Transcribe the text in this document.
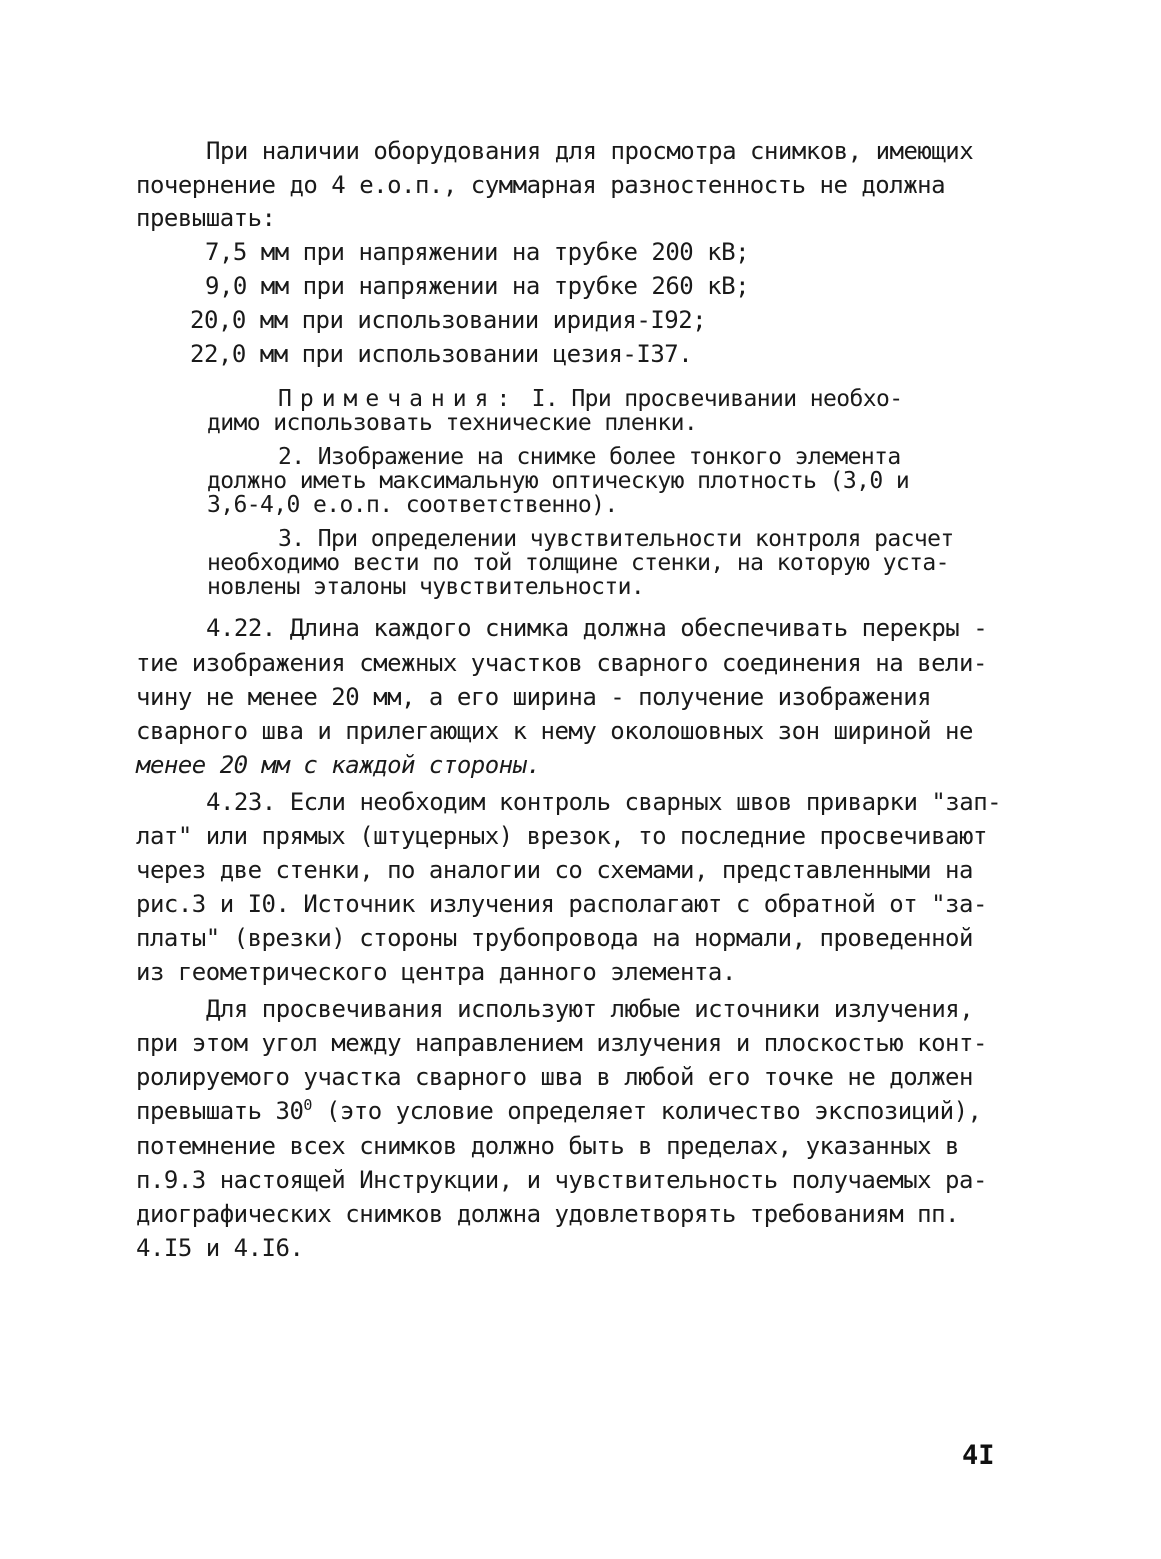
При наличии оборудования для просмотра снимков, имеющих
почернение до 4 е.о.п., суммарная разностенность не должна
превышать:
7,5 мм при напряжении на трубке 200 кВ;
9,0 мм при напряжении на трубке 260 кВ;
20,0 мм при использовании иридия-I92;
22,0 мм при использовании цезия-I37.
Примечания: I. При просвечивании необхо-
димо использовать технические пленки.
2. Изображение на снимке более тонкого элемента
должно иметь максимальную оптическую плотность (3,0 и
3,6-4,0 е.о.п. соответственно).
3. При определении чувствительности контроля расчет
необходимо вести по той толщине стенки, на которую уста-
новлены эталоны чувствительности.
4.22. Длина каждого снимка должна обеспечивать перекры -
тие изображения смежных участков сварного соединения на вели-
чину не менее 20 мм, а его ширина - получение изображения
сварного шва и прилегающих к нему околошовных зон шириной не
менее 20 мм с каждой стороны.
4.23. Если необходим контроль сварных швов приварки "зап-
лат" или прямых (штуцерных) врезок, то последние просвечивают
через две стенки, по аналогии со схемами, представленными на
рис.3 и I0. Источник излучения располагают с обратной от "за-
платы" (врезки) стороны трубопровода на нормали, проведенной
из геометрического центра данного элемента.
Для просвечивания используют любые источники излучения,
при этом угол между направлением излучения и плоскостью конт-
ролируемого участка сварного шва в любой его точке не должен
превышать $30^0$ (это условие определяет количество экспозиций),
потемнение всех снимков должно быть в пределах, указанных в
п.9.3 настоящей Инструкции, и чувствительность получаемых ра-
диографических снимков должна удовлетворять требованиям пп.
4.I5 и 4.I6.
4I
